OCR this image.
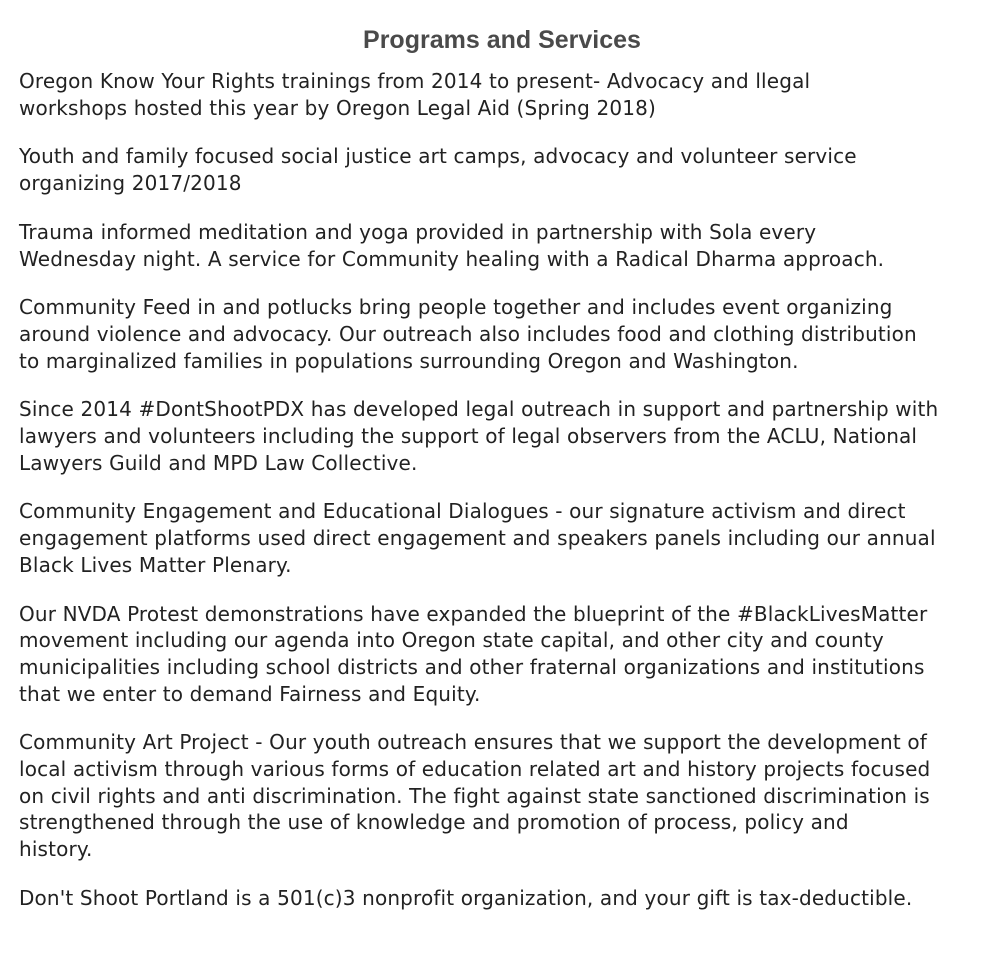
Programs and Services

Oregon Know Your Rights trainings from 2014 to present- Advocacy and llegal
workshops hosted this year by Oregon Legal Aid (Spring 2018)

Youth and family focused social justice art camps, advocacy and volunteer service
organizing 2017/2018

Trauma informed meditation and yoga provided in partnership with Sola every
Wednesday night. A service for Community healing with a Radical Dharma approach.

Community Feed in and potlucks bring people together and includes event organizing
around violence and advocacy. Our outreach also includes food and clothing distribution
to marginalized families in populations surrounding Oregon and Washington.

Since 2014 #DontShootPDX has developed legal outreach in support and partnership with
lawyers and volunteers including the support of legal observers from the ACLU, National
Lawyers Guild and MPD Law Collective.

Community Engagement and Educational Dialogues - our signature activism and direct
engagement platforms used direct engagement and speakers panels including our annual
Black Lives Matter Plenary.

Our NVDA Protest demonstrations have expanded the blueprint of the #BlackLivesMatter
movement including our agenda into Oregon state capital, and other city and county
municipalities including school districts and other fraternal organizations and institutions
that we enter to demand Fairness and Equity.

Community Art Project - Our youth outreach ensures that we support the development of
local activism through various forms of education related art and history projects focused
on civil rights and anti discrimination. The fight against state sanctioned discrimination is
strengthened through the use of knowledge and promotion of process, policy and
history.

Don't Shoot Portland is a 501(c)3 nonprofit organization, and your gift is tax-deductible.
